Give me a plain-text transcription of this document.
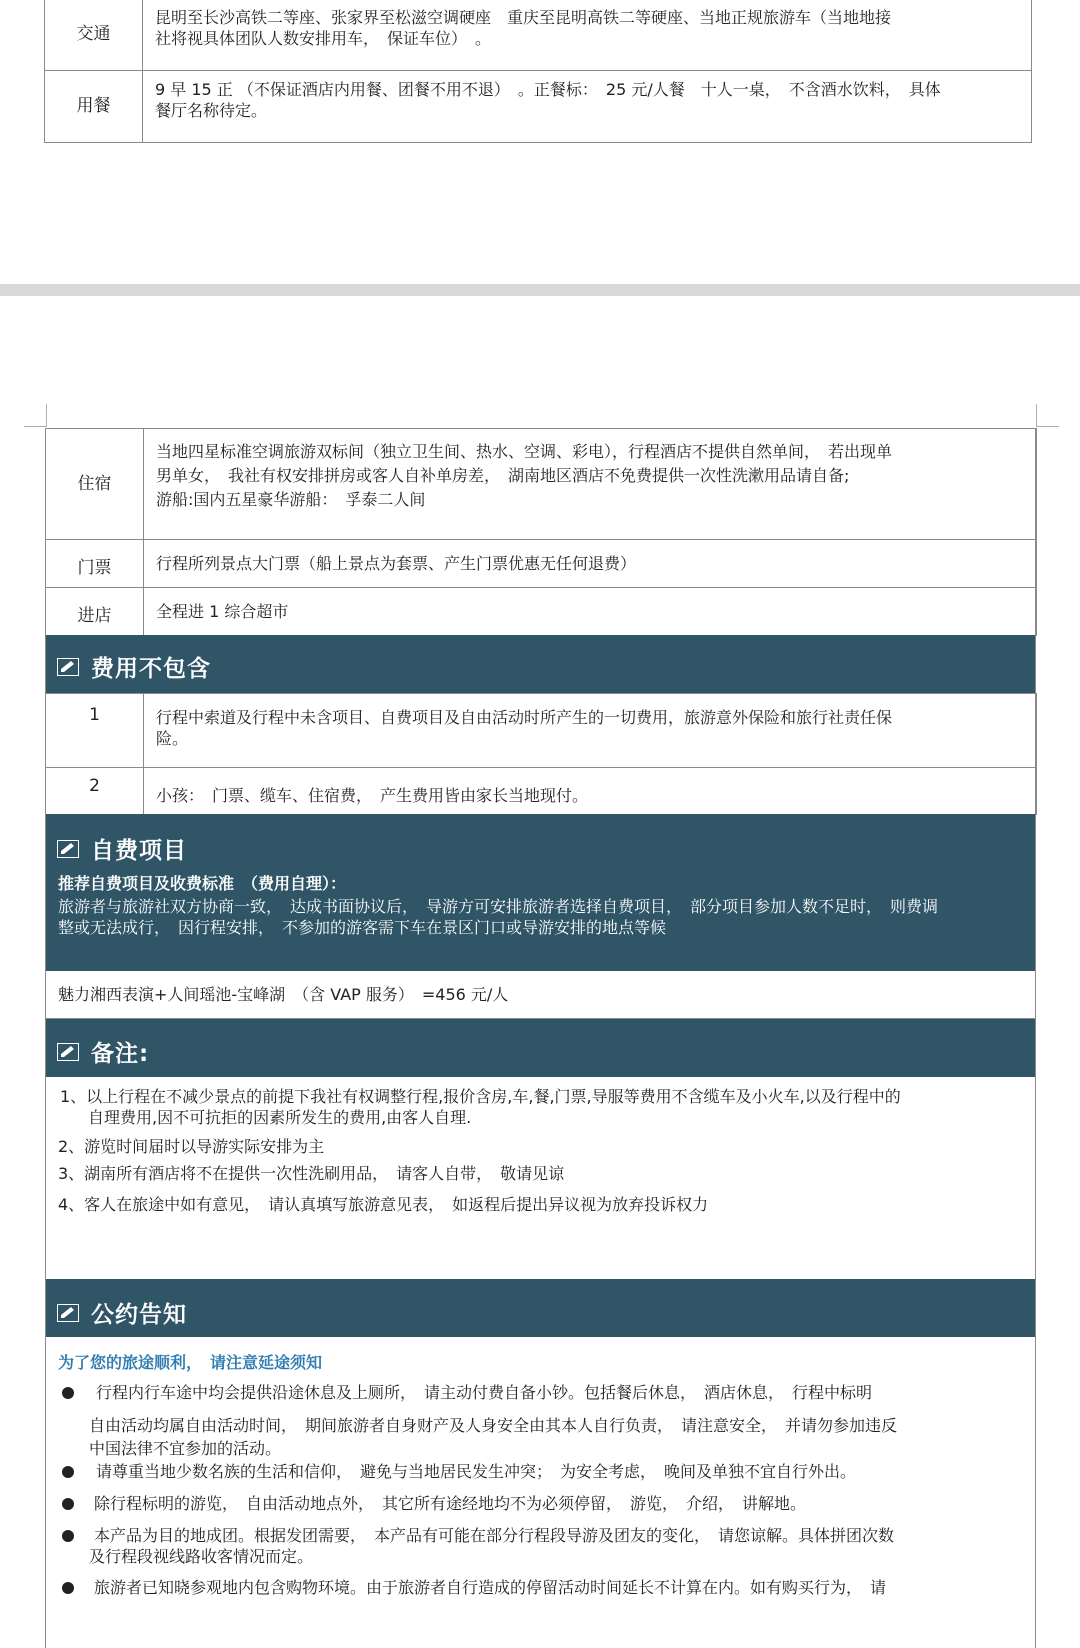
交通	昆明至长沙高铁二等座、张家界至松滋空调硬座　重庆至昆明高铁二等硬座、当地正规旅游车（当地地接
社将视具体团队人数安排用车，　保证车位）　。

用餐	9 早 15 正 （不保证酒店内用餐、团餐不用不退）　。正餐标：　25 元/人餐　十人一桌，　不含酒水饮料，　具体
餐厅名称待定。
住宿	当地四星标准空调旅游双标间（独立卫生间、热水、空调、彩电），行程酒店不提供自然单间，　若出现单
男单女，　我社有权安排拼房或客人自补单房差，　湖南地区酒店不免费提供一次性洗漱用品请自备;
游船:国内五星豪华游船：　孚泰二人间

门票	行程所列景点大门票（船上景点为套票、产生门票优惠无任何退费）

进店	全程进 1 综合超市
费用不包含
1	行程中索道及行程中未含项目、自费项目及自由活动时所产生的一切费用，旅游意外保险和旅行社责任保
险。

2	小孩：　门票、缆车、住宿费，　产生费用皆由家长当地现付。
自费项目
推荐自费项目及收费标准　（费用自理）：
旅游者与旅游社双方协商一致，　达成书面协议后，　导游方可安排旅游者选择自费项目，　部分项目参加人数不足时，　则费调
整或无法成行，　因行程安排，　不参加的游客需下车在景区门口或导游安排的地点等候
魅力湘西表演+人间瑶池-宝峰湖　（含 VAP 服务）　=456 元/人
备注:
1、以上行程在不减少景点的前提下我社有权调整行程,报价含房,车,餐,门票,导服等费用不含缆车及小火车,以及行程中的
自理费用,因不可抗拒的因素所发生的费用,由客人自理.
2、游览时间届时以导游实际安排为主
3、湖南所有酒店将不在提供一次性洗刷用品，　请客人自带，　敬请见谅
4、客人在旅途中如有意见，　请认真填写旅游意见表，　如返程后提出异议视为放弃投诉权力
公约告知
为了您的旅途顺利，　请注意延途须知
行程内行车途中均会提供沿途休息及上厕所，　请主动付费自备小钞。包括餐后休息，　酒店休息，　行程中标明
自由活动均属自由活动时间，　期间旅游者自身财产及人身安全由其本人自行负责，　请注意安全，　并请勿参加违反
中国法律不宜参加的活动。
请尊重当地少数名族的生活和信仰，　避免与当地居民发生冲突；　为安全考虑，　晚间及单独不宜自行外出。
除行程标明的游览，　自由活动地点外，　其它所有途经地均不为必须停留，　游览，　介绍，　讲解地。
本产品为目的地成团。根据发团需要，　本产品有可能在部分行程段导游及团友的变化，　请您谅解。具体拼团次数
及行程段视线路收客情况而定。
旅游者已知晓参观地内包含购物环境。由于旅游者自行造成的停留活动时间延长不计算在内。如有购买行为，　请
